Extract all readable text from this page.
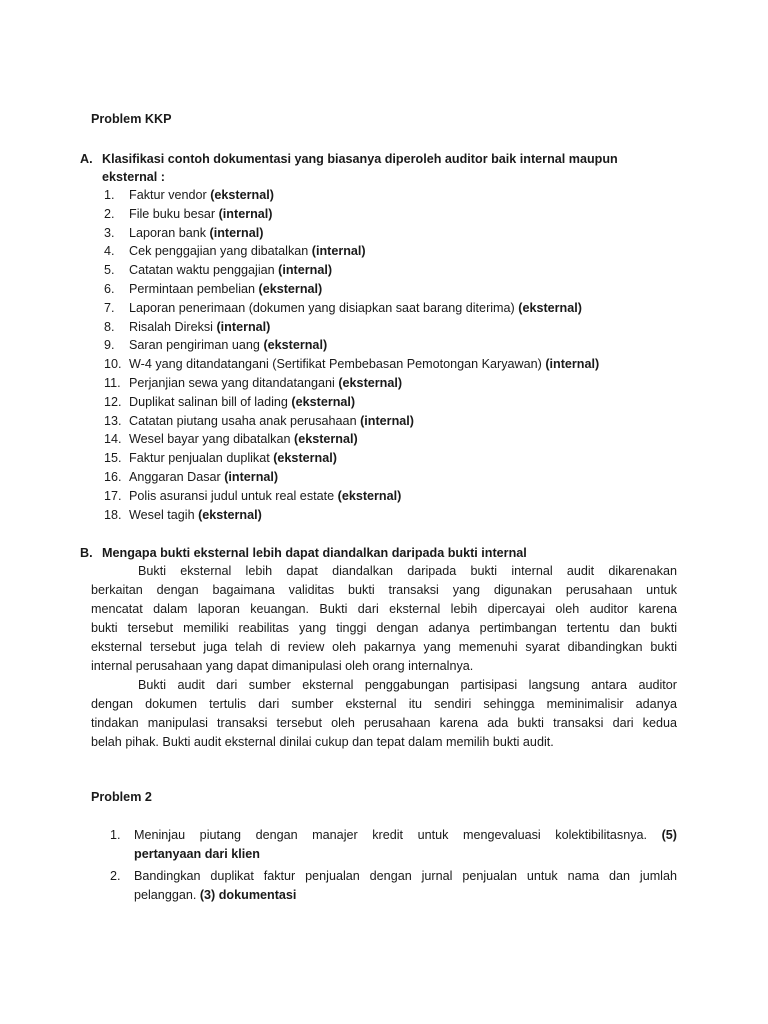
Problem KKP
A. Klasifikasi contoh dokumentasi yang biasanya diperoleh auditor baik internal maupun
eksternal :
1. Faktur vendor (eksternal)
2. File buku besar (internal)
3. Laporan bank (internal)
4. Cek penggajian yang dibatalkan (internal)
5. Catatan waktu penggajian (internal)
6. Permintaan pembelian (eksternal)
7. Laporan penerimaan (dokumen yang disiapkan saat barang diterima) (eksternal)
8. Risalah Direksi (internal)
9. Saran pengiriman uang (eksternal)
10. W-4 yang ditandatangani (Sertifikat Pembebasan Pemotongan Karyawan) (internal)
11. Perjanjian sewa yang ditandatangani (eksternal)
12. Duplikat salinan bill of lading (eksternal)
13. Catatan piutang usaha anak perusahaan (internal)
14. Wesel bayar yang dibatalkan (eksternal)
15. Faktur penjualan duplikat (eksternal)
16. Anggaran Dasar (internal)
17. Polis asuransi judul untuk real estate (eksternal)
18. Wesel tagih (eksternal)
B. Mengapa bukti eksternal lebih dapat diandalkan daripada bukti internal
Bukti eksternal lebih dapat diandalkan daripada bukti internal audit dikarenakan
berkaitan dengan bagaimana validitas bukti transaksi yang digunakan perusahaan untuk
mencatat dalam laporan keuangan. Bukti dari eksternal lebih dipercayai oleh auditor karena
bukti tersebut memiliki reabilitas yang tinggi dengan adanya pertimbangan tertentu dan bukti
eksternal tersebut juga telah di review oleh pakarnya yang memenuhi syarat dibandingkan bukti
internal perusahaan yang dapat dimanipulasi oleh orang internalnya.
Bukti audit dari sumber eksternal penggabungan partisipasi langsung antara auditor
dengan dokumen tertulis dari sumber eksternal itu sendiri sehingga meminimalisir adanya
tindakan manipulasi transaksi tersebut oleh perusahaan karena ada bukti transaksi dari kedua
belah pihak. Bukti audit eksternal dinilai cukup dan tepat dalam memilih bukti audit.
Problem 2
1. Meninjau piutang dengan manajer kredit untuk mengevaluasi kolektibilitasnya. (5)
pertanyaan dari klien
2. Bandingkan duplikat faktur penjualan dengan jurnal penjualan untuk nama dan jumlah
pelanggan. (3) dokumentasi
